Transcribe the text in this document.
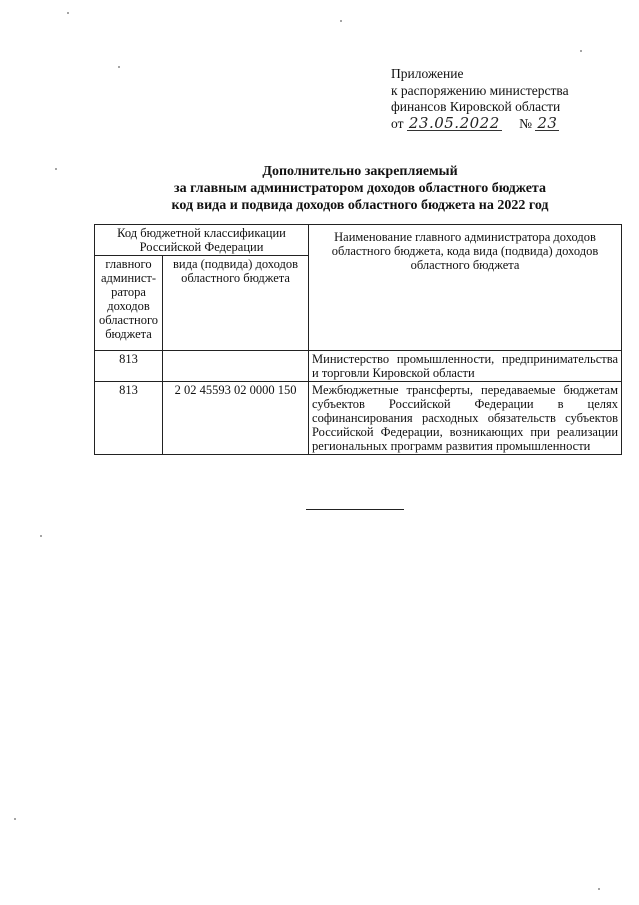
Приложение
к распоряжению министерства
финансов Кировской области
от 23.05.2022 № 23
Дополнительно закрепляемый
за главным администратором доходов областного бюджета
код вида и подвида доходов областного бюджета на 2022 год
Код бюджетной классификации Российской Федерации		Наименование главного администратора доходов областного бюджета, кода вида (подвида) доходов областного бюджета
главного админист-ратора доходов областного бюджета	вида (подвида) доходов областного бюджета	
813		Министерство промышленности, предпринимательства и торговли Кировской области
813	2 02 45593 02 0000 150	Межбюджетные трансферты, передаваемые бюджетам субъектов Российской Федерации в целях софинансирования расходных обязательств субъектов Российской Федерации, возникающих при реализации региональных программ развития промышленности
